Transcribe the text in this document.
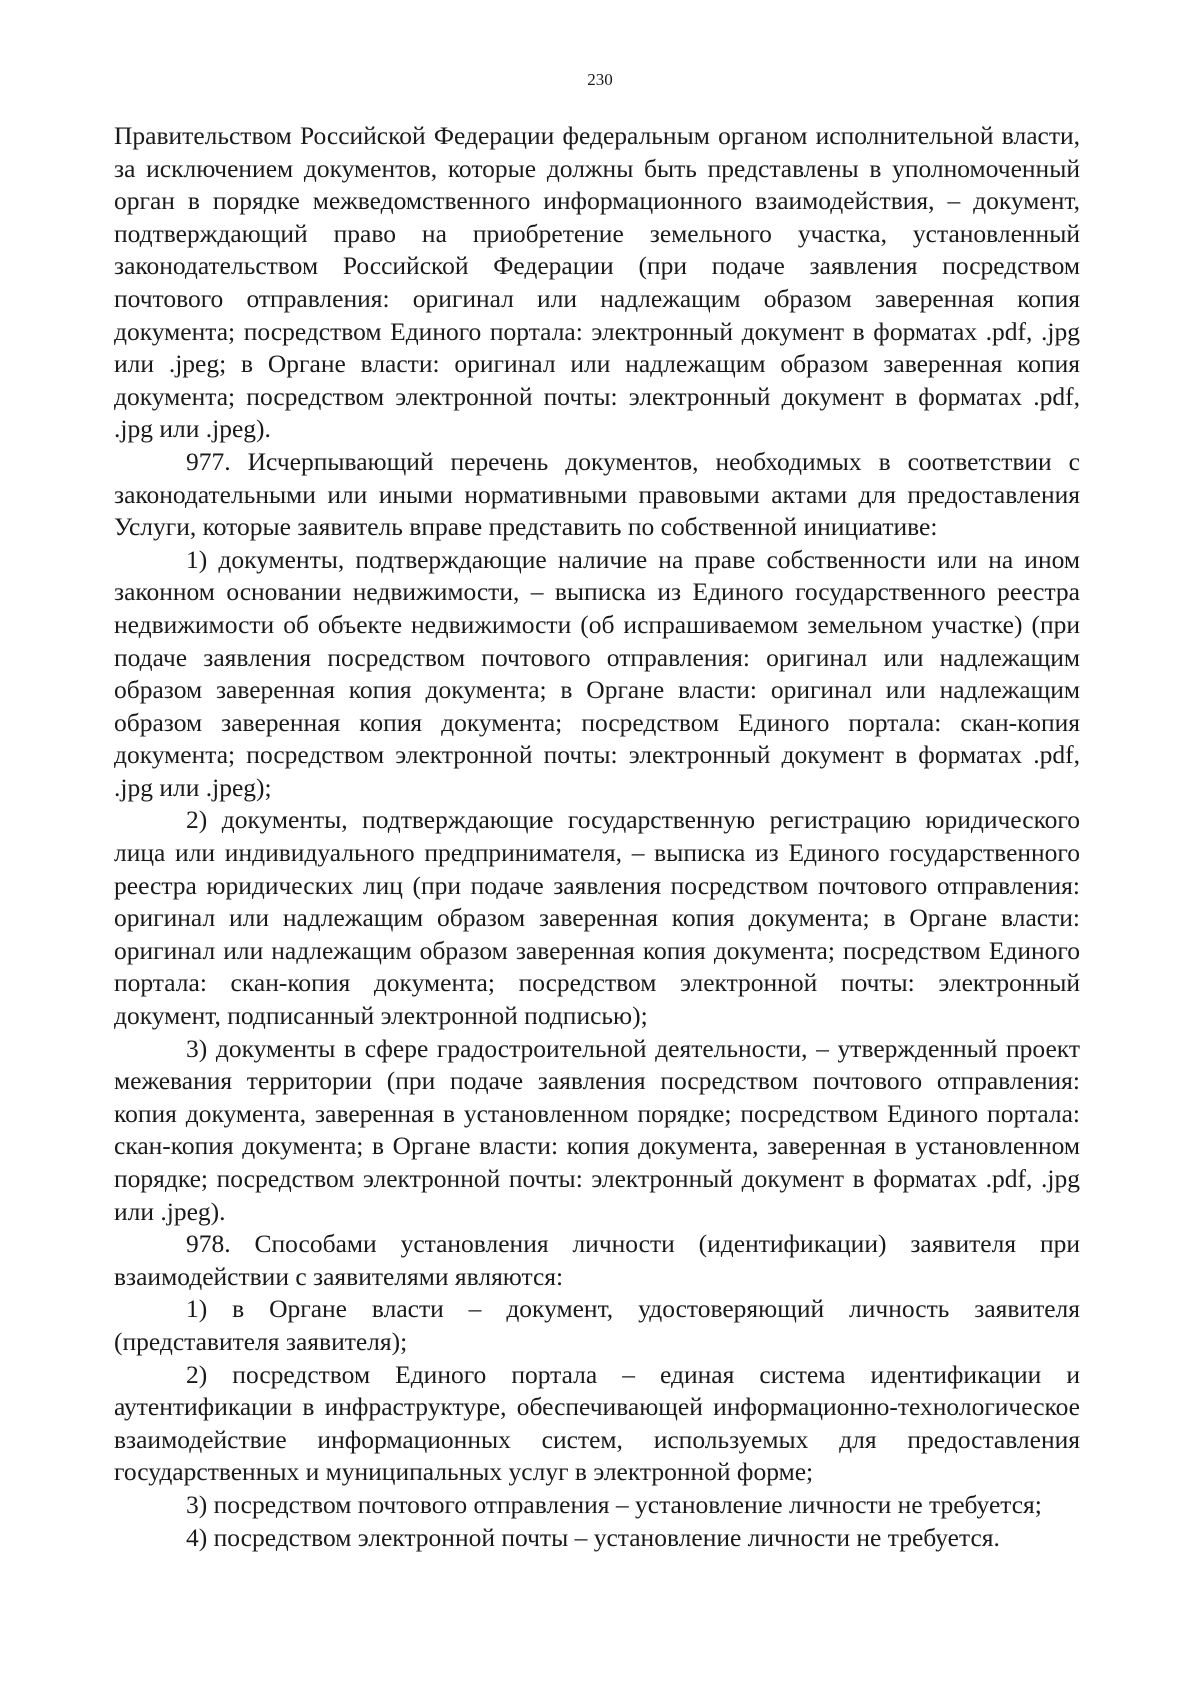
230

Правительством Российской Федерации федеральным органом исполнительной власти, за исключением документов, которые должны быть представлены в уполномоченный орган в порядке межведомственного информационного взаимодействия, – документ, подтверждающий право на приобретение земельного участка, установленный законодательством Российской Федерации (при подаче заявления посредством почтового отправления: оригинал или надлежащим образом заверенная копия документа; посредством Единого портала: электронный документ в форматах .pdf, .jpg или .jpeg; в Органе власти: оригинал или надлежащим образом заверенная копия документа; посредством электронной почты: электронный документ в форматах .pdf, .jpg или .jpeg).

977. Исчерпывающий перечень документов, необходимых в соответствии с законодательными или иными нормативными правовыми актами для предоставления Услуги, которые заявитель вправе представить по собственной инициативе:

1) документы, подтверждающие наличие на праве собственности или на ином законном основании недвижимости, – выписка из Единого государственного реестра недвижимости об объекте недвижимости (об испрашиваемом земельном участке) (при подаче заявления посредством почтового отправления: оригинал или надлежащим образом заверенная копия документа; в Органе власти: оригинал или надлежащим образом заверенная копия документа; посредством Единого портала: скан-копия документа; посредством электронной почты: электронный документ в форматах .pdf, .jpg или .jpeg);

2) документы, подтверждающие государственную регистрацию юридического лица или индивидуального предпринимателя, – выписка из Единого государственного реестра юридических лиц (при подаче заявления посредством почтового отправления: оригинал или надлежащим образом заверенная копия документа; в Органе власти: оригинал или надлежащим образом заверенная копия документа; посредством Единого портала: скан-копия документа; посредством электронной почты: электронный документ, подписанный электронной подписью);

3) документы в сфере градостроительной деятельности, – утвержденный проект межевания территории (при подаче заявления посредством почтового отправления: копия документа, заверенная в установленном порядке; посредством Единого портала: скан-копия документа; в Органе власти: копия документа, заверенная в установленном порядке; посредством электронной почты: электронный документ в форматах .pdf, .jpg или .jpeg).

978. Способами установления личности (идентификации) заявителя при взаимодействии с заявителями являются:

1) в Органе власти – документ, удостоверяющий личность заявителя (представителя заявителя);

2) посредством Единого портала – единая система идентификации и аутентификации в инфраструктуре, обеспечивающей информационно-технологическое взаимодействие информационных систем, используемых для предоставления государственных и муниципальных услуг в электронной форме;

3) посредством почтового отправления – установление личности не требуется;

4) посредством электронной почты – установление личности не требуется.
